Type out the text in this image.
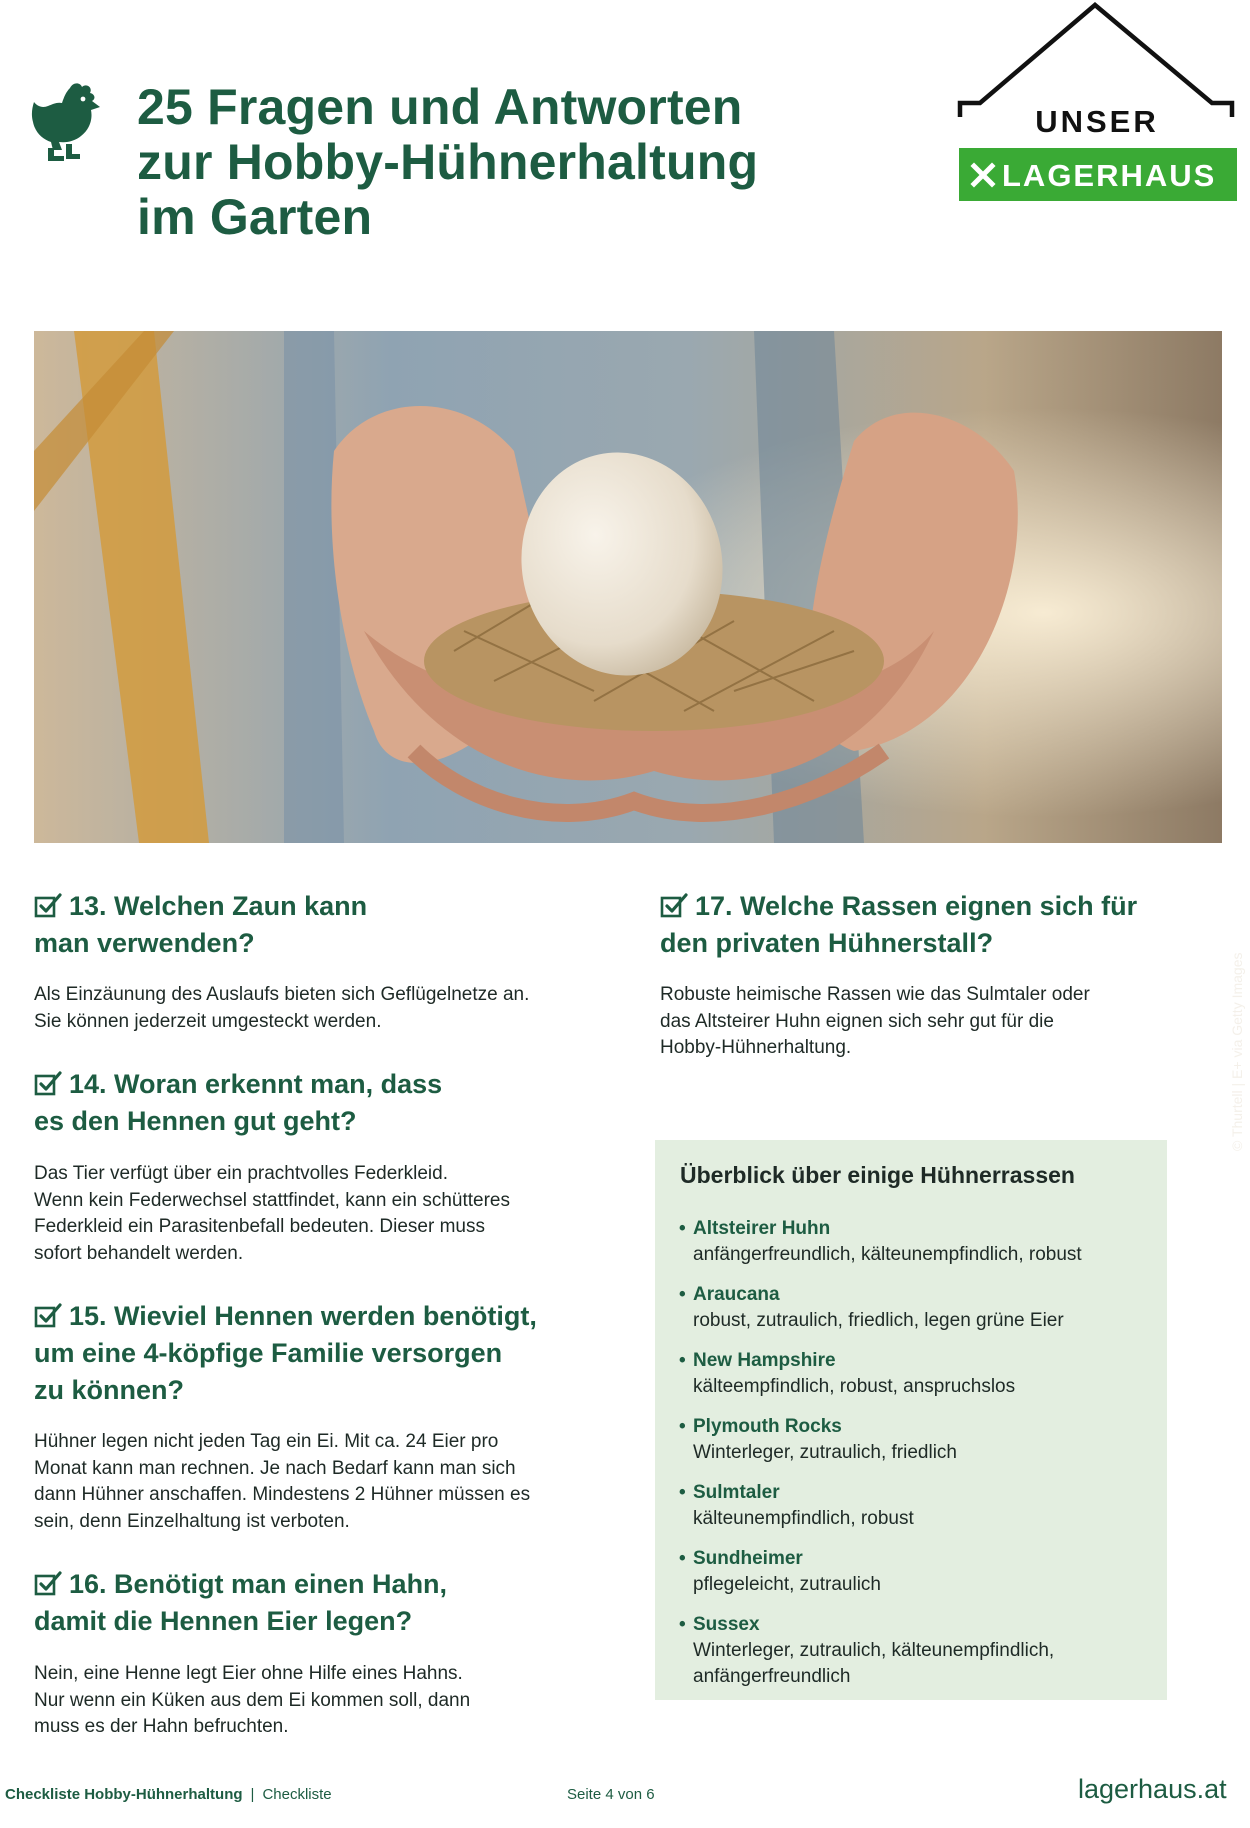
25 Fragen und Antworten
zur Hobby-Hühnerhaltung
im Garten
UNSER
LAGERHAUS
© Thurtell | E+ via Getty Images
13. Welchen Zaun kann
man verwenden?

Als Einzäunung des Auslaufs bieten sich Geflügelnetze an.
Sie können jederzeit umgesteckt werden.

14. Woran erkennt man, dass
es den Hennen gut geht?

Das Tier verfügt über ein prachtvolles Federkleid.
Wenn kein Federwechsel stattfindet, kann ein schütteres
Federkleid ein Parasitenbefall bedeuten. Dieser muss
sofort behandelt werden.

15. Wieviel Hennen werden benötigt,
um eine 4-köpfige Familie versorgen
zu können?

Hühner legen nicht jeden Tag ein Ei. Mit ca. 24 Eier pro
Monat kann man rechnen. Je nach Bedarf kann man sich
dann Hühner anschaffen. Mindestens 2 Hühner müssen es
sein, denn Einzelhaltung ist verboten.

16. Benötigt man einen Hahn,
damit die Hennen Eier legen?

Nein, eine Henne legt Eier ohne Hilfe eines Hahns.
Nur wenn ein Küken aus dem Ei kommen soll, dann
muss es der Hahn befruchten.

17. Welche Rassen eignen sich für
den privaten Hühnerstall?

Robuste heimische Rassen wie das Sulmtaler oder
das Altsteirer Huhn eignen sich sehr gut für die
Hobby-Hühnerhaltung.

Überblick über einige Hühnerrassen
• Altsteirer Huhn
anfängerfreundlich, kälteunempfindlich, robust
• Araucana
robust, zutraulich, friedlich, legen grüne Eier
• New Hampshire
kälteempfindlich, robust, anspruchslos
• Plymouth Rocks
Winterleger, zutraulich, friedlich
• Sulmtaler
kälteunempfindlich, robust
• Sundheimer
pflegeleicht, zutraulich
• Sussex
Winterleger, zutraulich, kälteunempfindlich,
anfängerfreundlich
Checkliste Hobby-Hühnerhaltung | Checkliste	Seite 4 von 6	lagerhaus.at
